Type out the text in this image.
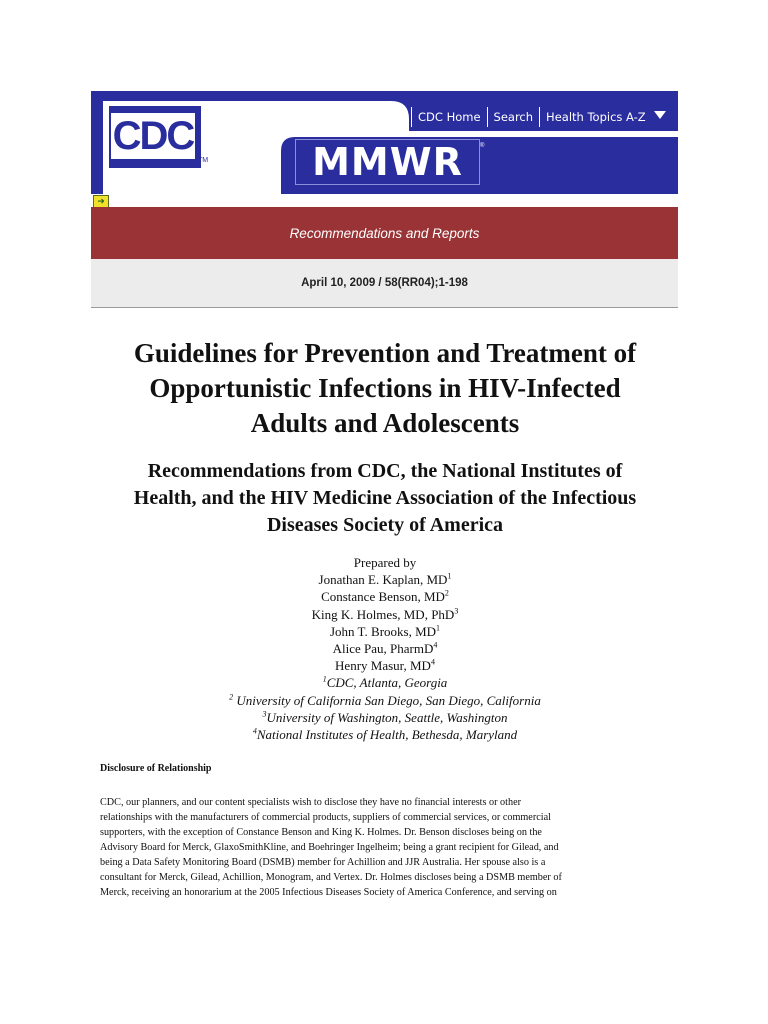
CDC
TM
CDC Home	Search	Health Topics A-Z
MMWR	®
➜
Recommendations and Reports
April 10, 2009 / 58(RR04);1-198
Guidelines for Prevention and Treatment of
Opportunistic Infections in HIV-Infected
Adults and Adolescents
Recommendations from CDC, the National Institutes of
Health, and the HIV Medicine Association of the Infectious
Diseases Society of America
Prepared by
Jonathan E. Kaplan, $MD^1$
Constance Benson, $MD^2$
King K. Holmes, MD, PhD$^3$
John T. Brooks, $MD^1$
Alice Pau, PharmD$^4$
Henry Masur, $MD^4$
$^1$CDC, Atlanta, Georgia
$^2$ University of California San Diego, San Diego, California
$^3$University of Washington, Seattle, Washington
$^4$National Institutes of Health, Bethesda, Maryland
Disclosure of Relationship
CDC, our planners, and our content specialists wish to disclose they have no financial interests or other
relationships with the manufacturers of commercial products, suppliers of commercial services, or commercial
supporters, with the exception of Constance Benson and King K. Holmes. Dr. Benson discloses being on the
Advisory Board for Merck, GlaxoSmithKline, and Boehringer Ingelheim; being a grant recipient for Gilead, and
being a Data Safety Monitoring Board (DSMB) member for Achillion and JJR Australia. Her spouse also is a
consultant for Merck, Gilead, Achillion, Monogram, and Vertex. Dr. Holmes discloses being a DSMB member of
Merck, receiving an honorarium at the 2005 Infectious Diseases Society of America Conference, and serving on
